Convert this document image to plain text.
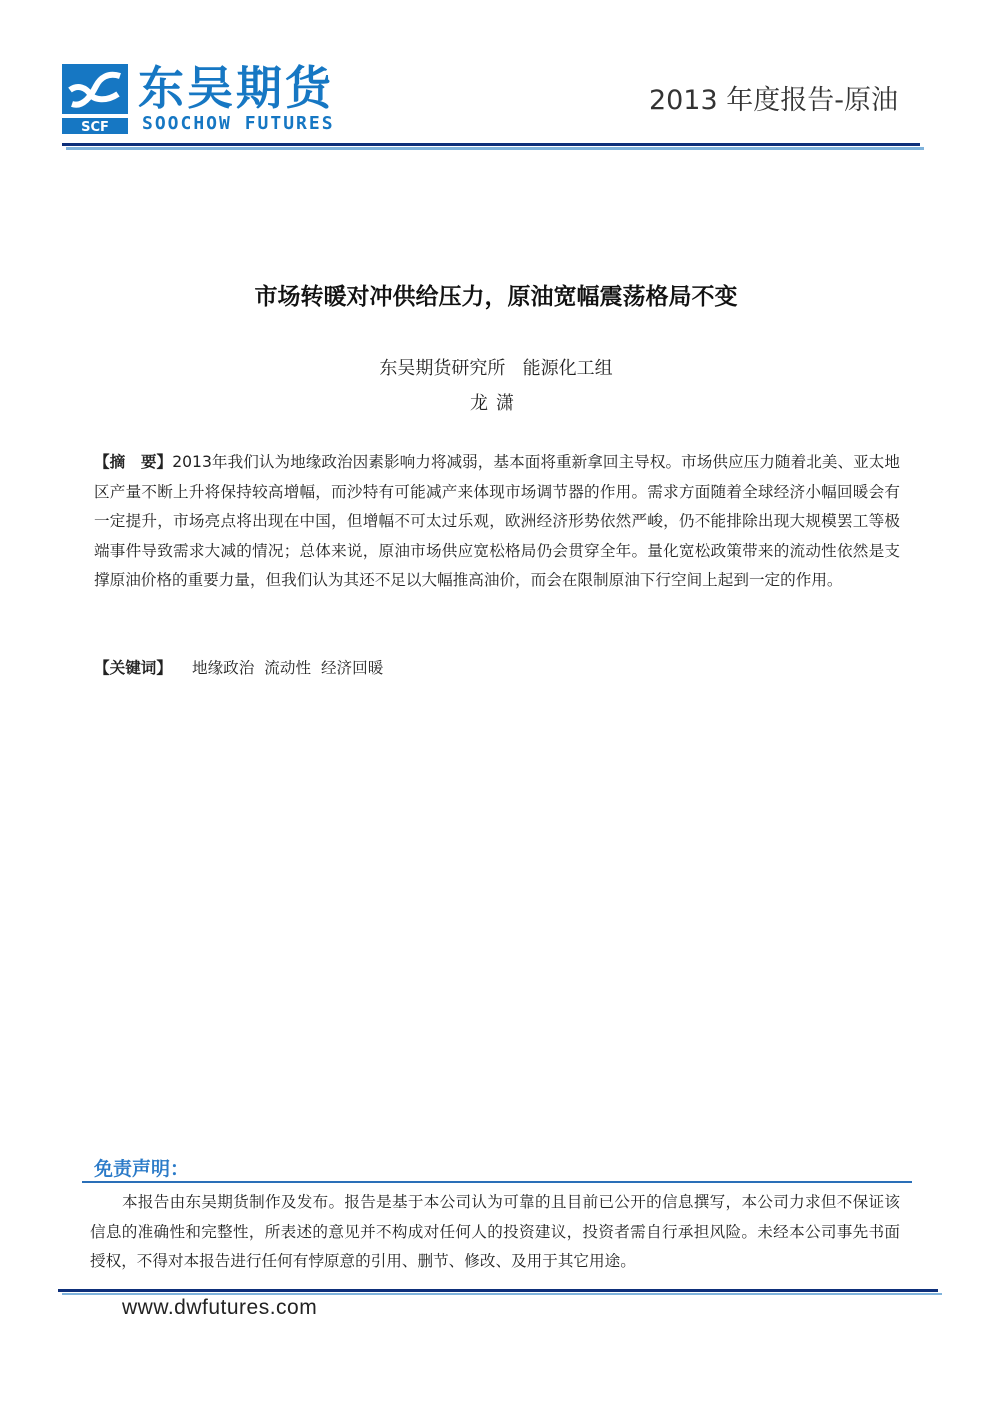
SCF
东吴期货
SOOCHOW FUTURES
2013 年度报告-原油
市场转暖对冲供给压力，原油宽幅震荡格局不变
东吴期货研究所   能源化工组
龙潇
【摘　要】2013年我们认为地缘政治因素影响力将减弱，基本面将重新拿回主导权。市场供应压力随着北美、亚太地区产量不断上升将保持较高增幅，而沙特有可能减产来体现市场调节器的作用。需求方面随着全球经济小幅回暖会有一定提升，市场亮点将出现在中国，但增幅不可太过乐观，欧洲经济形势依然严峻，仍不能排除出现大规模罢工等极端事件导致需求大减的情况；总体来说，原油市场供应宽松格局仍会贯穿全年。量化宽松政策带来的流动性依然是支撑原油价格的重要力量，但我们认为其还不足以大幅推高油价，而会在限制原油下行空间上起到一定的作用。
【关键词】 地缘政治  流动性  经济回暖
免责声明：
本报告由东吴期货制作及发布。报告是基于本公司认为可靠的且目前已公开的信息撰写，本公司力求但不保证该信息的准确性和完整性，所表述的意见并不构成对任何人的投资建议，投资者需自行承担风险。未经本公司事先书面授权，不得对本报告进行任何有悖原意的引用、删节、修改、及用于其它用途。
www.dwfutures.com
